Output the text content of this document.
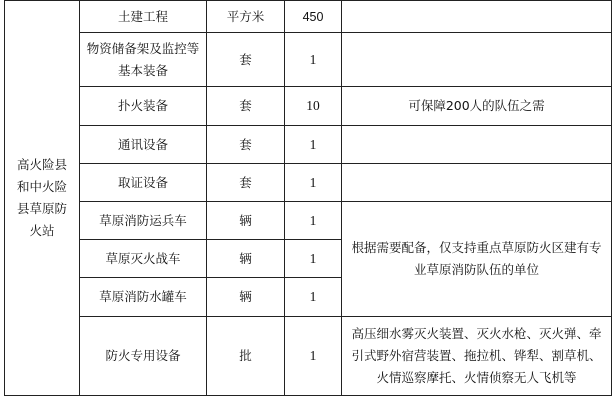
高火险县和中火险县草原防火站	土建工程	平方米	450	
	物资储备架及监控等基本装备	套	1	
	扑火装备	套	10	可保障200人的队伍之需
	通讯设备	套	1	
	取证设备	套	1	
	草原消防运兵车	辆	1	根据需要配备，仅支持重点草原防火区建有专业草原消防队伍的单位
	草原灭火战车	辆	1	
	草原消防水罐车	辆	1	
	防火专用设备	批	1	高压细水雾灭火装置、灭火水枪、灭火弹、牵引式野外宿营装置、拖拉机、铧犁、割草机、火情巡察摩托、火情侦察无人飞机等
